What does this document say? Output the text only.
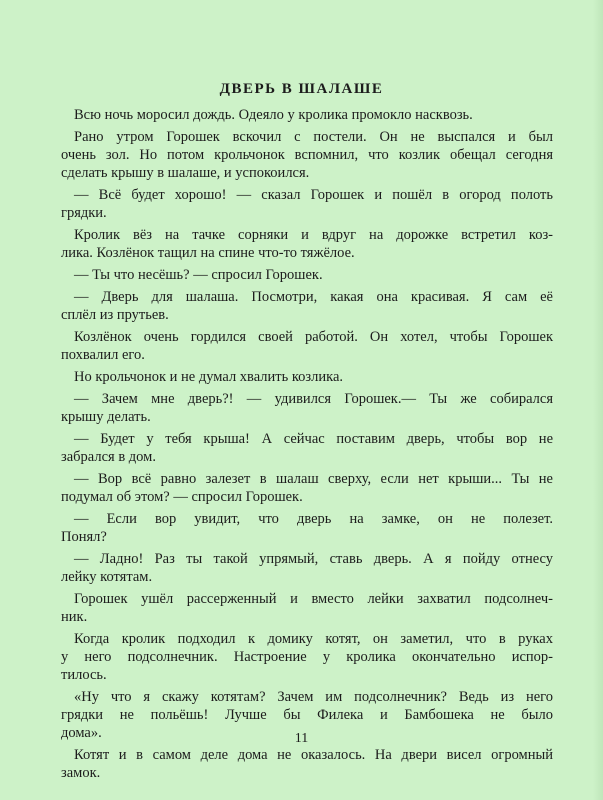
ДВЕРЬ В ШАЛАШЕ
Всю ночь моросил дождь. Одеяло у кролика промокло насквозь.
Рано утром Горошек вскочил с постели. Он не выспался и был
очень зол. Но потом крольчонок вспомнил, что козлик обещал сегодня
сделать крышу в шалаше, и успокоился.
— Всё будет хорошо! — сказал Горошек и пошёл в огород полоть
грядки.
Кролик вёз на тачке сорняки и вдруг на дорожке встретил коз-
лика. Козлёнок тащил на спине что-то тяжёлое.
— Ты что несёшь? — спросил Горошек.
— Дверь для шалаша. Посмотри, какая она красивая. Я сам её
сплёл из прутьев.
Козлёнок очень гордился своей работой. Он хотел, чтобы Горошек
похвалил его.
Но крольчонок и не думал хвалить козлика.
— Зачем мне дверь?! — удивился Горошек.— Ты же собирался
крышу делать.
— Будет у тебя крыша! А сейчас поставим дверь, чтобы вор не
забрался в дом.
— Вор всё равно залезет в шалаш сверху, если нет крыши... Ты не
подумал об этом? — спросил Горошек.
— Если вор увидит, что дверь на замке, он не полезет.
Понял?
— Ладно! Раз ты такой упрямый, ставь дверь. А я пойду отнесу
лейку котятам.
Горошек ушёл рассерженный и вместо лейки захватил подсолнеч-
ник.
Когда кролик подходил к домику котят, он заметил, что в руках
у него подсолнечник. Настроение у кролика окончательно испор-
тилось.
«Ну что я скажу котятам? Зачем им подсолнечник? Ведь из него
грядки не польёшь! Лучше бы Филека и Бамбошека не было
дома».
Котят и в самом деле дома не оказалось. На двери висел огромный
замок.
11
